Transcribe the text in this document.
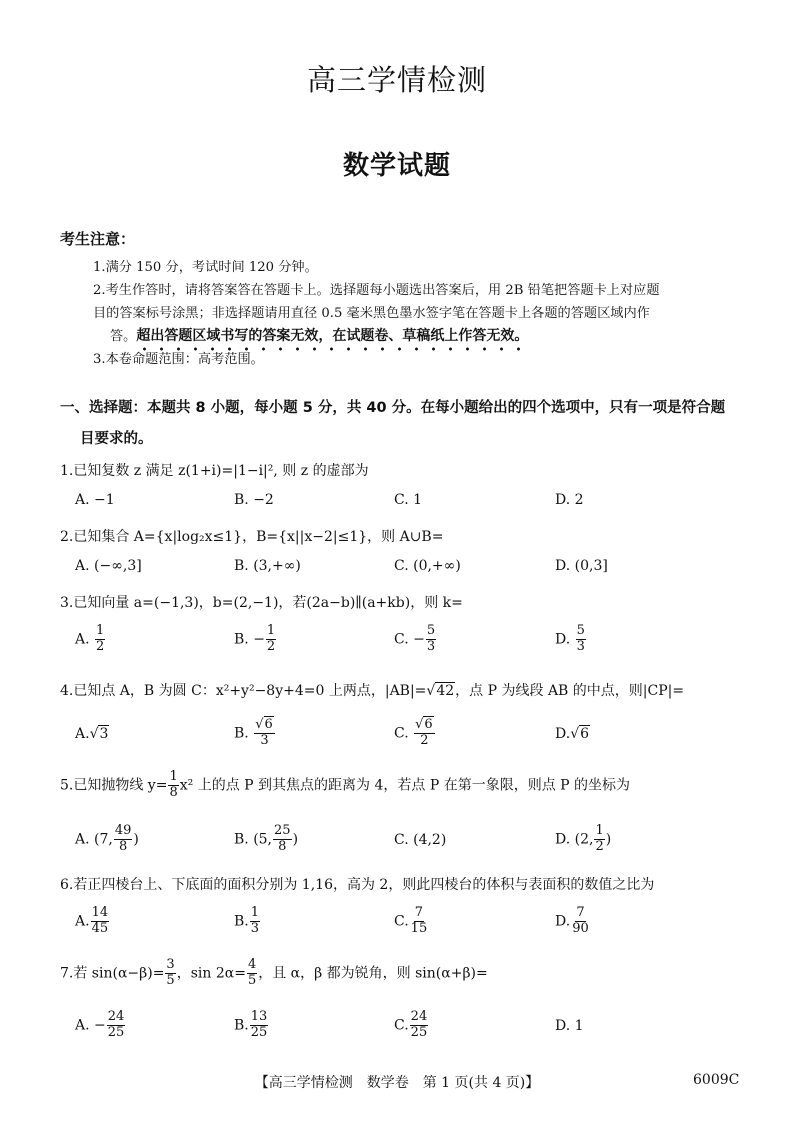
高三学情检测
数学试题
考生注意：
1.满分 150 分，考试时间 120 分钟。
2.考生作答时，请将答案答在答题卡上。选择题每小题选出答案后，用 2B 铅笔把答题卡上对应题
目的答案标号涂黑；非选择题请用直径 0.5 毫米黑色墨水签字笔在答题卡上各题的答题区域内作
答。超出答题区域书写的答案无效，在试题卷、草稿纸上作答无效。
3.本卷命题范围：高考范围。
一、选择题：本题共 8 小题，每小题 5 分，共 40 分。在每小题给出的四个选项中，只有一项是符合题
目要求的。
1.已知复数 z 满足 z(1+i)=|1−i|², 则 z 的虚部为
A. −1	B. −2	C. 1	D. 2
2.已知集合 A={x|log₂x≤1}，B={x||x−2|≤1}，则 A∪B=
A. (−∞,3]	B. (3,+∞)	C. (0,+∞)	D. (0,3]
3.已知向量 a=(−1,3)，b=(2,−1)，若(2a−b)∥(a+kb)，则 k=
A. $\frac{1}{2}$	B. − $\frac{1}{2}$	C. − $\frac{5}{3}$	D. $\frac{5}{3}$
4.已知点 A，B 为圆 C：x²+y²−8y+4=0 上两点，|AB|=√42，点 P 为线段 AB 的中点，则|CP|=
A.√3	B. $\frac{√6}{3}$	C. $\frac{√6}{2}$	D.√6
5.已知抛物线 $y= \frac{1}{8} x^2$ 上的点 P 到其焦点的距离为 4，若点 P 在第一象限，则点 P 的坐标为
A. (7, $\frac{49}{8}$ )	B. (5, $\frac{25}{8}$ )	C. (4,2)	D. (2, $\frac{1}{2}$ )
6.若正四棱台上、下底面的面积分别为 1,16，高为 2，则此四棱台的体积与表面积的数值之比为
A. $\frac{14}{45}$	B. $\frac{1}{3}$	C. $\frac{7}{15}$	D. $\frac{7}{90}$
7.若 $\sin(\alpha-\beta)= \frac{3}{5}$ ，$\sin 2\alpha= \frac{4}{5}$ ，且 α，β 都为锐角，则 sin(α+β)=
A. − $\frac{24}{25}$	B. $\frac{13}{25}$	C. $\frac{24}{25}$	D. 1
【高三学情检测　数学卷　第 1 页(共 4 页)】	6009C
